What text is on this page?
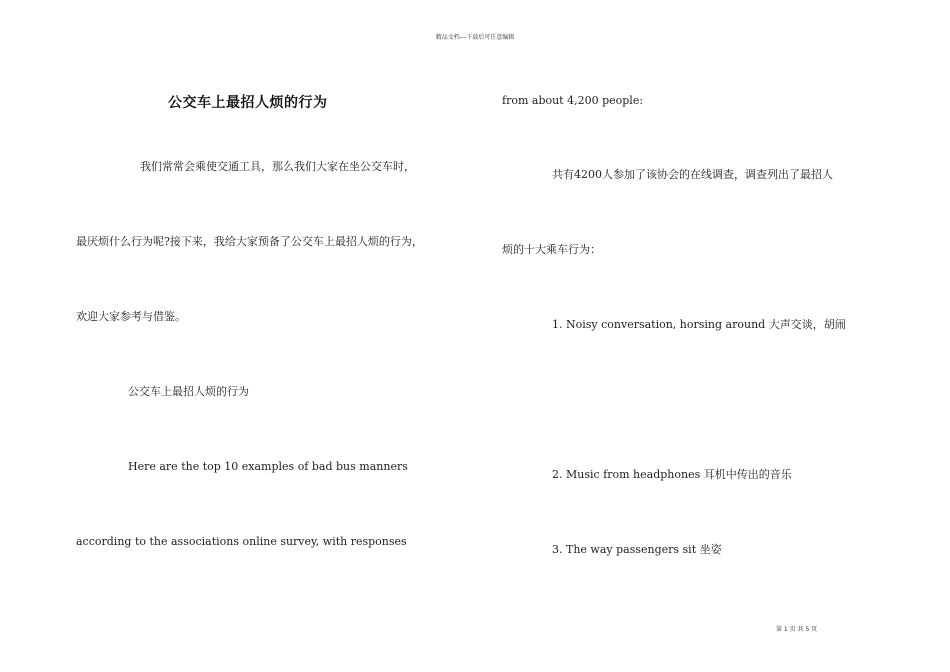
精品文档---下载后可任意编辑
公交车上最招人烦的行为
我们常常会乘使交通工具，那么我们大家在坐公交车时，
最厌烦什么行为呢?接下来，我给大家预备了公交车上最招人烦的行为，
欢迎大家参考与借鉴。
公交车上最招人烦的行为
Here are the top 10 examples of bad bus manners
according to the associations online survey, with responses
from about 4,200 people:
共有4200人参加了该协会的在线调查，调查列出了最招人
烦的十大乘车行为：
1. Noisy conversation, horsing around 大声交谈，胡闹
2. Music from headphones 耳机中传出的音乐
3. The way passengers sit 坐姿
第 1 页 共 5 页
